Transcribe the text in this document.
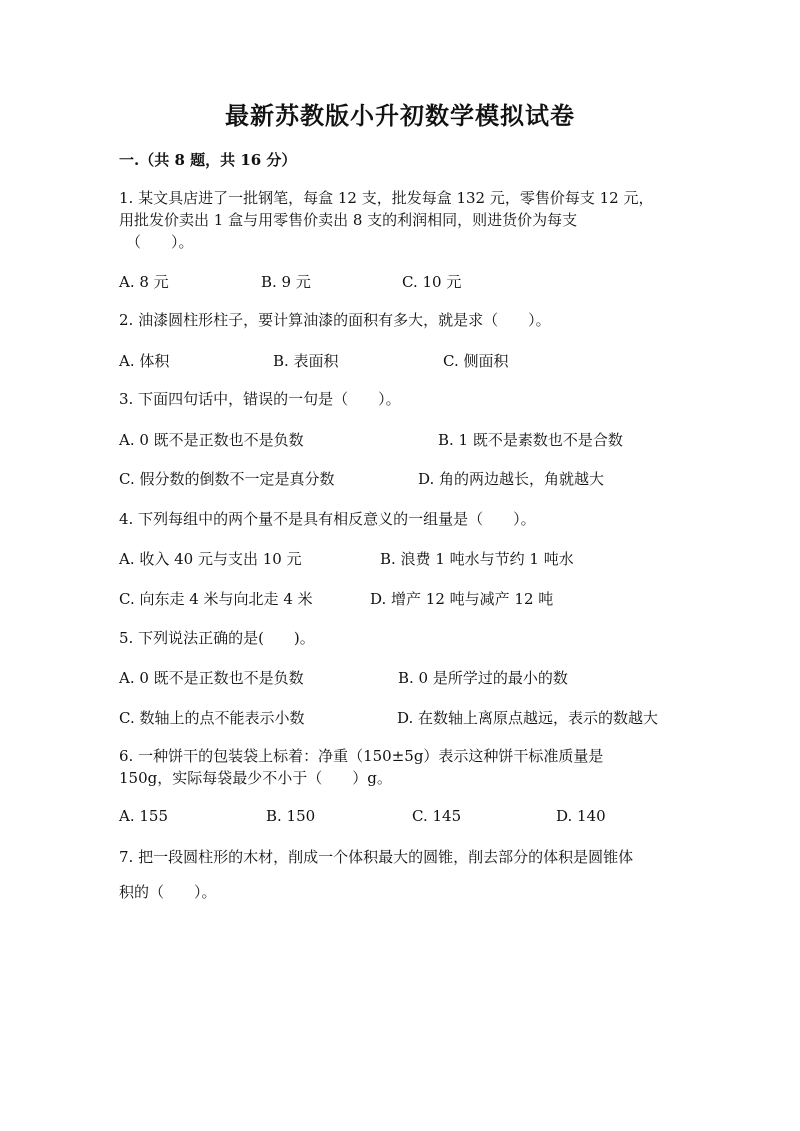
最新苏教版小升初数学模拟试卷
一.（共 8 题，共 16 分）
1. 某文具店进了一批钢笔，每盒 12 支，批发每盒 132 元，零售价每支 12 元，
用批发价卖出 1 盒与用零售价卖出 8 支的利润相同，则进货价为每支
（　　）。
A. 8 元	B. 9 元	C. 10 元
2. 油漆圆柱形柱子，要计算油漆的面积有多大，就是求（　　）。
A. 体积	B. 表面积	C. 侧面积
3. 下面四句话中，错误的一句是（　　）。
A. 0 既不是正数也不是负数	B. 1 既不是素数也不是合数
C. 假分数的倒数不一定是真分数	D. 角的两边越长，角就越大
4. 下列每组中的两个量不是具有相反意义的一组量是（　　）。
A. 收入 40 元与支出 10 元	B. 浪费 1 吨水与节约 1 吨水
C. 向东走 4 米与向北走 4 米	D. 增产 12 吨与减产 12 吨
5. 下列说法正确的是(　　)。
A. 0 既不是正数也不是负数	B. 0 是所学过的最小的数
C. 数轴上的点不能表示小数	D. 在数轴上离原点越远，表示的数越大
6. 一种饼干的包装袋上标着：净重（150±5g）表示这种饼干标准质量是
150g，实际每袋最少不小于（　　）g。
A. 155	B. 150	C. 145	D. 140
7. 把一段圆柱形的木材，削成一个体积最大的圆锥，削去部分的体积是圆锥体
积的（　　）。
